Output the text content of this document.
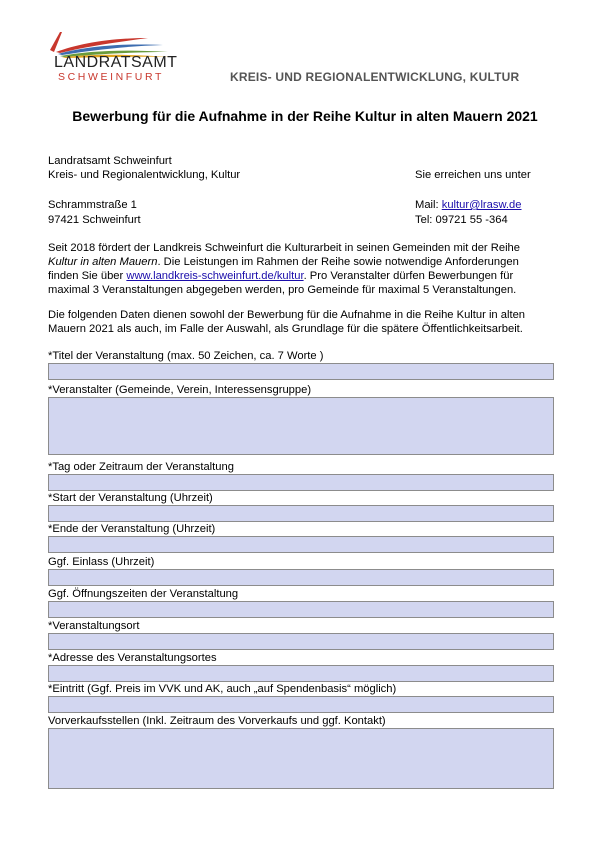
LANDRATSAMT
SCHWEINFURT	KREIS- UND REGIONALENTWICKLUNG, KULTUR
Bewerbung für die Aufnahme in der Reihe Kultur in alten Mauern 2021
Landratsamt Schweinfurt
Kreis- und Regionalentwicklung, Kultur
Schrammstraße 1
97421 Schweinfurt
Sie erreichen uns unter
Mail: kultur@lrasw.de
Tel: 09721 55 -364
Seit 2018 fördert der Landkreis Schweinfurt die Kulturarbeit in seinen Gemeinden mit der Reihe
Kultur in alten Mauern. Die Leistungen im Rahmen der Reihe sowie notwendige Anforderungen
finden Sie über www.landkreis-schweinfurt.de/kultur. Pro Veranstalter dürfen Bewerbungen für
maximal 3 Veranstaltungen abgegeben werden, pro Gemeinde für maximal 5 Veranstaltungen.
Die folgenden Daten dienen sowohl der Bewerbung für die Aufnahme in die Reihe Kultur in alten
Mauern 2021 als auch, im Falle der Auswahl, als Grundlage für die spätere Öffentlichkeitsarbeit.
*Titel der Veranstaltung (max. 50 Zeichen, ca. 7 Worte )
*Veranstalter (Gemeinde, Verein, Interessensgruppe)
*Tag oder Zeitraum der Veranstaltung
*Start der Veranstaltung (Uhrzeit)
*Ende der Veranstaltung (Uhrzeit)
Ggf. Einlass (Uhrzeit)
Ggf. Öffnungszeiten der Veranstaltung
*Veranstaltungsort
*Adresse des Veranstaltungsortes
*Eintritt (Ggf. Preis im VVK und AK, auch „auf Spendenbasis“ möglich)
Vorverkaufsstellen (Inkl. Zeitraum des Vorverkaufs und ggf. Kontakt)
